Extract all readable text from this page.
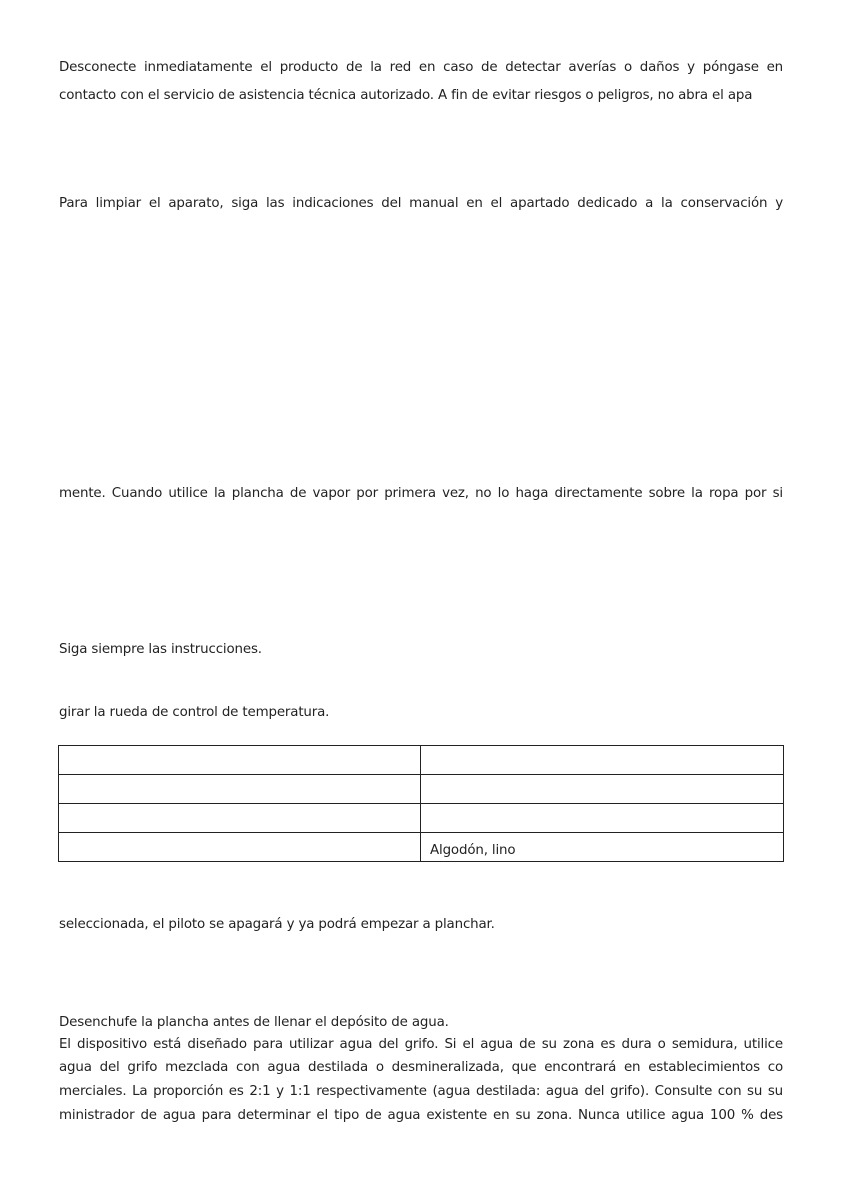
Desconecte inmediatamente el producto de la red en caso de detectar averías o daños y póngase en
contacto con el servicio de asistencia técnica autorizado. A fin de evitar riesgos o peligros, no abra el apa
Para limpiar el aparato, siga las indicaciones del manual en el apartado dedicado a la conservación y
mente. Cuando utilice la plancha de vapor por primera vez, no lo haga directamente sobre la ropa por si
Siga siempre las instrucciones.
girar la rueda de control de temperatura.

	Algodón, lino
seleccionada, el piloto se apagará y ya podrá empezar a planchar.
Desenchufe la plancha antes de llenar el depósito de agua.
El dispositivo está diseñado para utilizar agua del grifo. Si el agua de su zona es dura o semidura, utilice
agua del grifo mezclada con agua destilada o desmineralizada, que encontrará en establecimientos co
merciales. La proporción es 2:1 y 1:1 respectivamente (agua destilada: agua del grifo). Consulte con su su
ministrador de agua para determinar el tipo de agua existente en su zona. Nunca utilice agua 100 % des
